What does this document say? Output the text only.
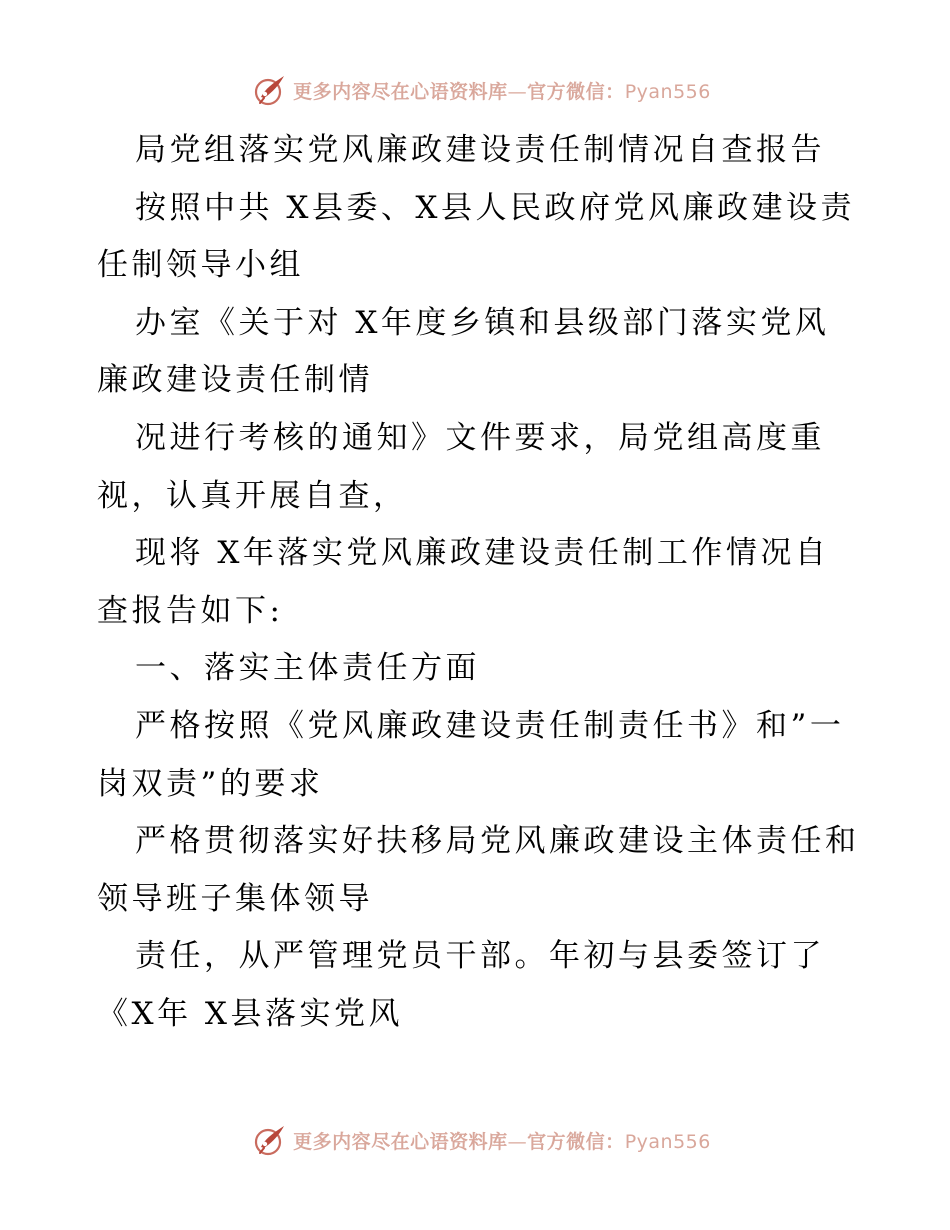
更多内容尽在心语资料库—官方微信：Pyan556
局党组落实党风廉政建设责任制情况自查报告
按照中共 X县委、X县人民政府党风廉政建设责
任制领导小组
办室《关于对 X年度乡镇和县级部门落实党风
廉政建设责任制情
况进行考核的通知》文件要求，局党组高度重
视，认真开展自查，
现将 X年落实党风廉政建设责任制工作情况自
查报告如下:
一、落实主体责任方面
严格按照《党风廉政建设责任制责任书》和”一
岗双责”的要求
严格贯彻落实好扶移局党风廉政建设主体责任和
领导班子集体领导
责任，从严管理党员干部。年初与县委签订了
《X年 X县落实党风
更多内容尽在心语资料库—官方微信：Pyan556
